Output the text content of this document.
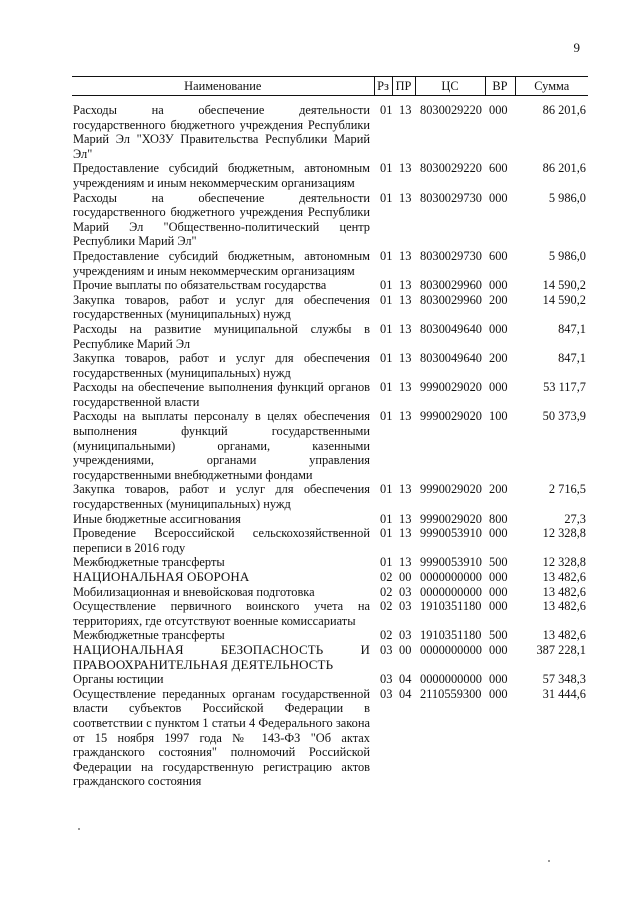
9
Наименование	Рз	ПР	ЦС	ВР	Сумма
Расходы на обеспечение деятельности государственного бюджетного учреждения Республики Марий Эл "ХОЗУ Правительства Республики Марий Эл"	01	13	8030029220	000	86 201,6
Предоставление субсидий бюджетным, автономным учреждениям и иным некоммерческим организациям	01	13	8030029220	600	86 201,6
Расходы на обеспечение деятельности государственного бюджетного учреждения Республики Марий Эл "Общественно-политический центр Республики Марий Эл"	01	13	8030029730	000	5 986,0
Предоставление субсидий бюджетным, автономным учреждениям и иным некоммерческим организациям	01	13	8030029730	600	5 986,0
Прочие выплаты по обязательствам государства	01	13	8030029960	000	14 590,2
Закупка товаров, работ и услуг для обеспечения государственных (муниципальных) нужд	01	13	8030029960	200	14 590,2
Расходы на развитие муниципальной службы в Республике Марий Эл	01	13	8030049640	000	847,1
Закупка товаров, работ и услуг для обеспечения государственных (муниципальных) нужд	01	13	8030049640	200	847,1
Расходы на обеспечение выполнения функций органов государственной власти	01	13	9990029020	000	53 117,7
Расходы на выплаты персоналу в целях обеспечения выполнения функций государственными (муниципальными) органами, казенными учреждениями, органами управления государственными внебюджетными фондами	01	13	9990029020	100	50 373,9
Закупка товаров, работ и услуг для обеспечения государственных (муниципальных) нужд	01	13	9990029020	200	2 716,5
Иные бюджетные ассигнования	01	13	9990029020	800	27,3
Проведение Всероссийской сельскохозяйственной переписи в 2016 году	01	13	9990053910	000	12 328,8
Межбюджетные трансферты	01	13	9990053910	500	12 328,8
НАЦИОНАЛЬНАЯ ОБОРОНА	02	00	0000000000	000	13 482,6
Мобилизационная и вневойсковая подготовка	02	03	0000000000	000	13 482,6
Осуществление первичного воинского учета на территориях, где отсутствуют военные комиссариаты	02	03	1910351180	000	13 482,6
Межбюджетные трансферты	02	03	1910351180	500	13 482,6
НАЦИОНАЛЬНАЯ БЕЗОПАСНОСТЬ И ПРАВООХРАНИТЕЛЬНАЯ ДЕЯТЕЛЬНОСТЬ	03	00	0000000000	000	387 228,1
Органы юстиции	03	04	0000000000	000	57 348,3
Осуществление переданных органам государственной власти субъектов Российской Федерации в соответствии с пунктом 1 статьи 4 Федерального закона от 15 ноября 1997 года № 143-ФЗ "Об актах гражданского состояния" полномочий Российской Федерации на государственную регистрацию актов гражданского состояния	03	04	2110559300	000	31 444,6
